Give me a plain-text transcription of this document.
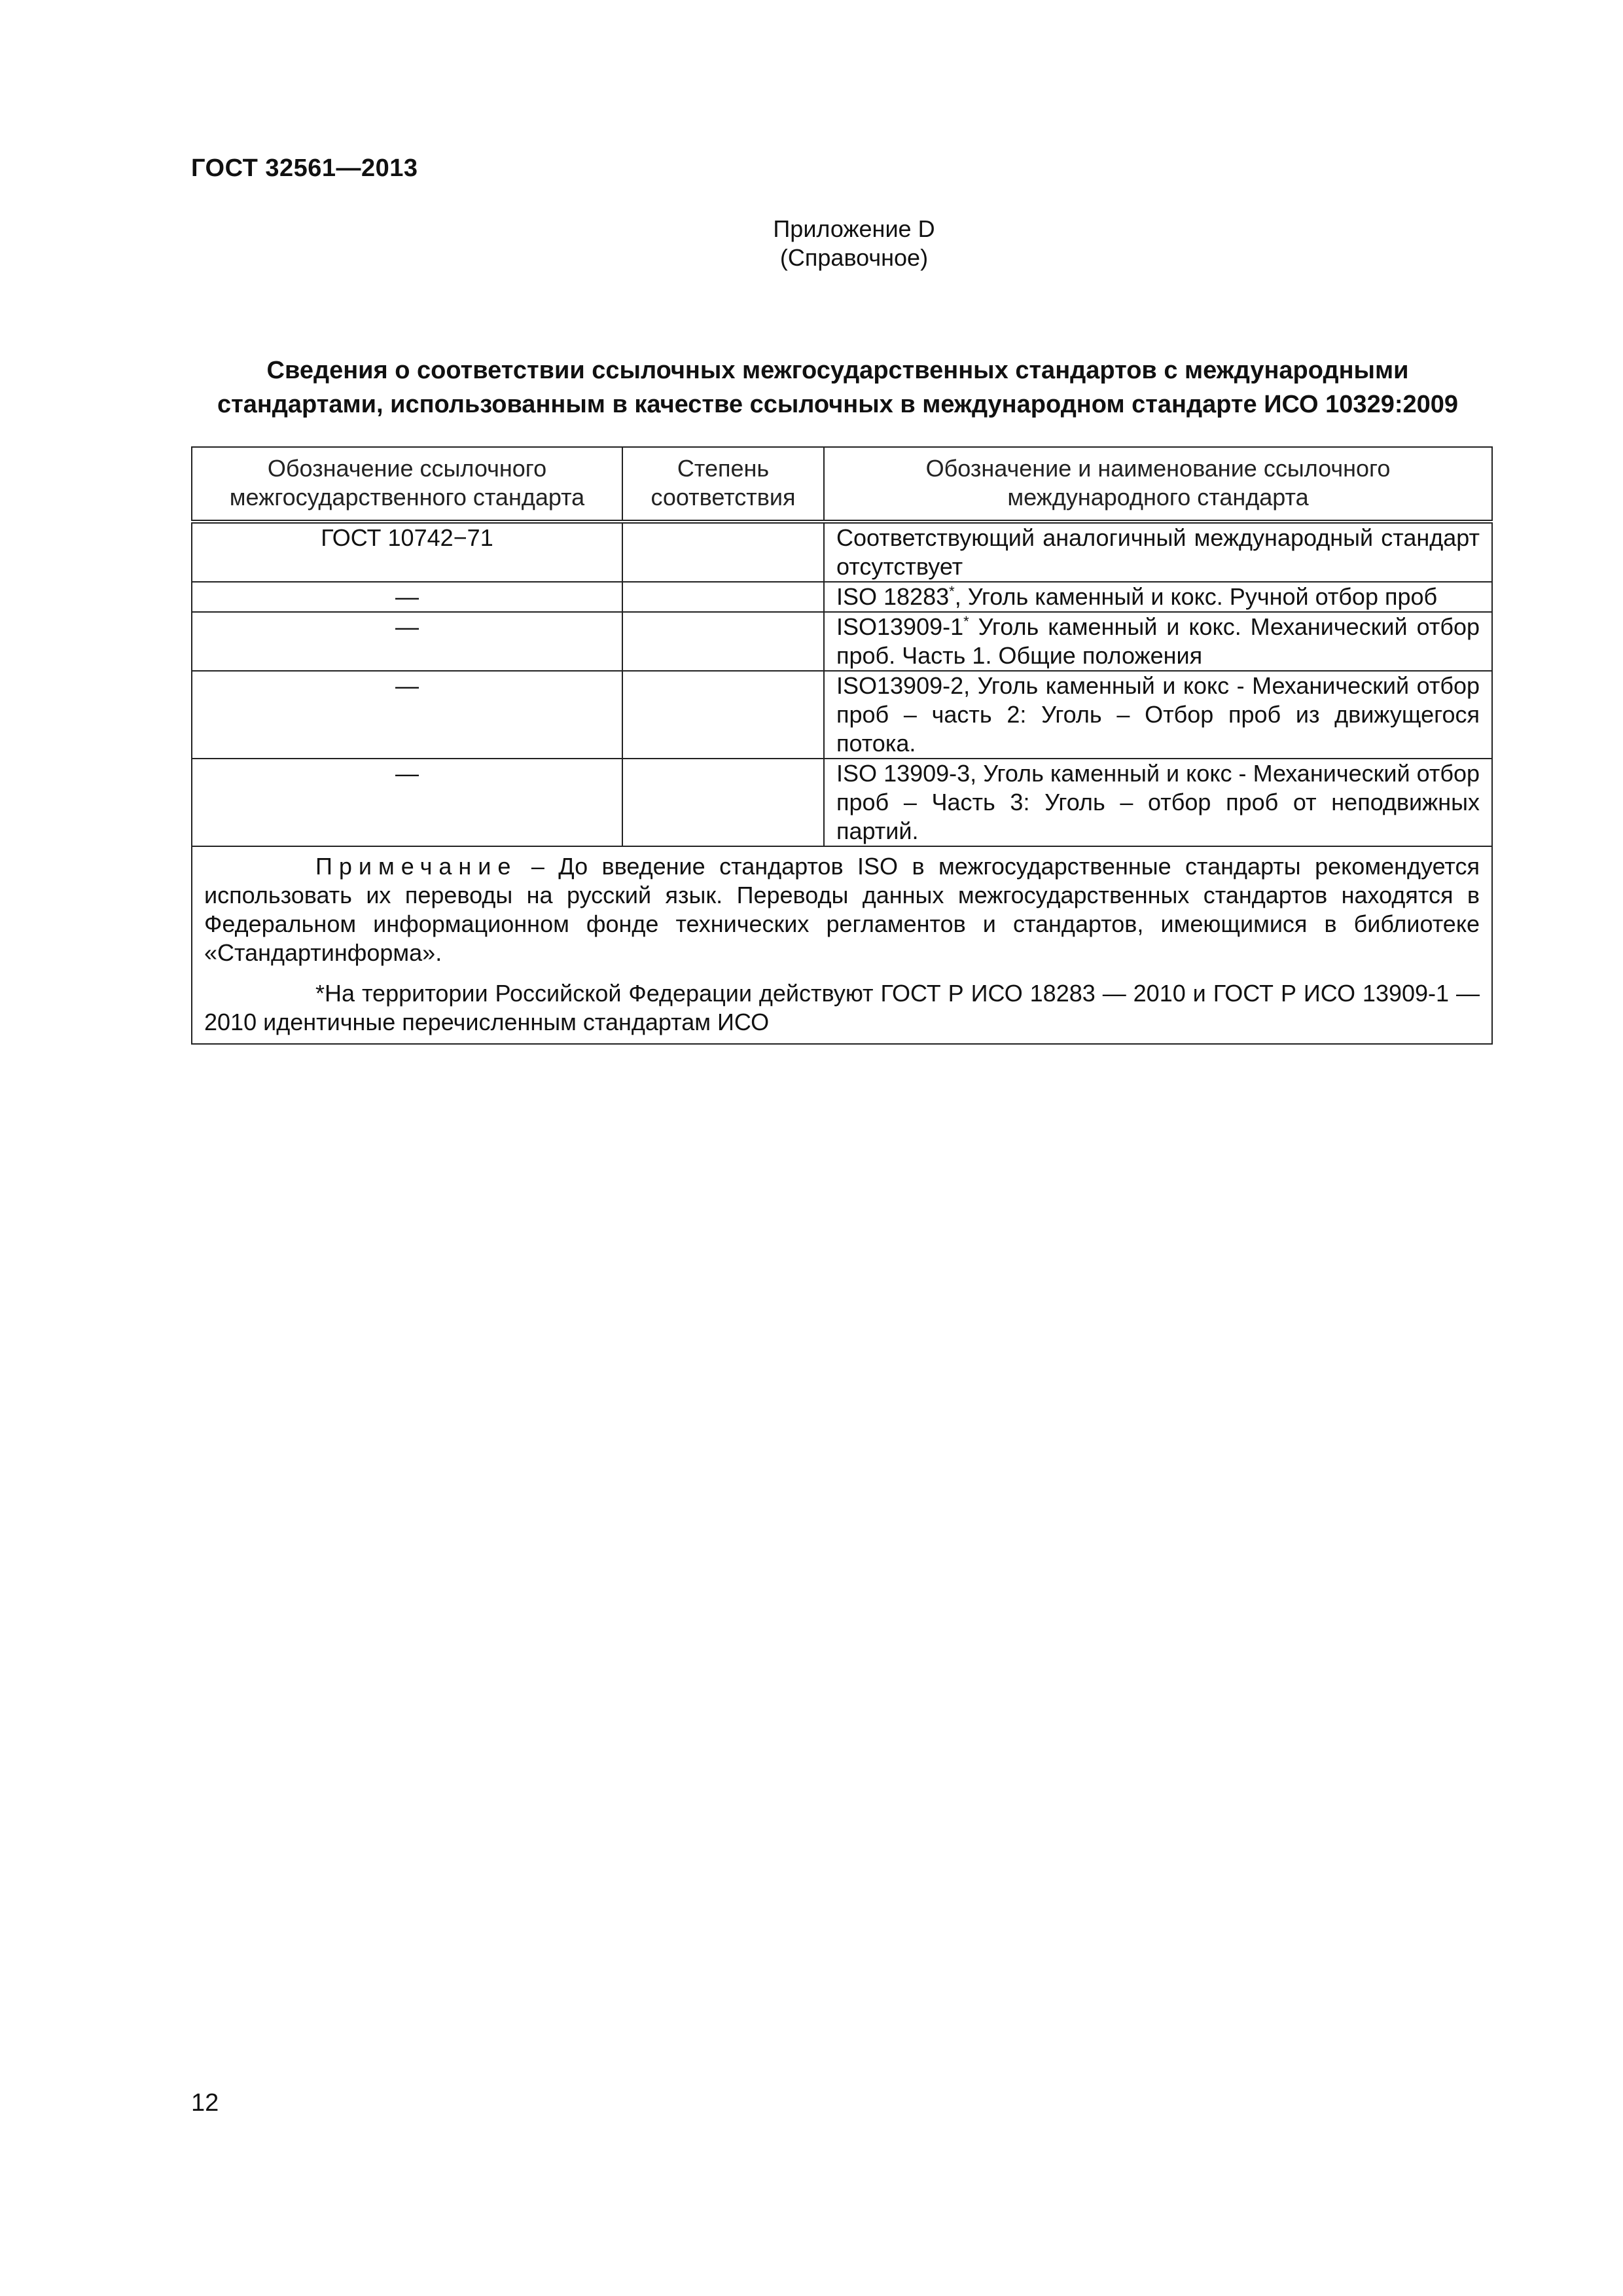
ГОСТ 32561—2013
Приложение D
(Справочное)
Сведения о соответствии ссылочных межгосударственных стандартов с международными стандартами, использованным в качестве ссылочных в международном стандарте ИСО 10329:2009
Обозначение ссылочного межгосударственного стандарта	Степень соответствия	Обозначение и наименование ссылочного международного стандарта
ГОСТ 10742−71		Соответствующий аналогичный международный стандарт отсутствует
—		ISO 18283*, Уголь каменный и кокс. Ручной отбор проб
—		ISO13909-1* Уголь каменный и кокс. Механический отбор проб. Часть 1. Общие положения
—		ISO13909-2, Уголь каменный и кокс - Механический отбор проб – часть 2: Уголь – Отбор проб из движущегося потока.
—		ISO 13909-3, Уголь каменный и кокс - Механический отбор проб – Часть 3: Уголь – отбор проб от неподвижных партий.

Примечание – До введение стандартов ISO в межгосударственные стандарты рекомендуется использовать их переводы на русский язык. Переводы данных межгосударственных стандартов находятся в Федеральном информационном фонде технических регламентов и стандартов, имеющимися в библиотеке «Стандартинформа».

*На территории Российской Федерации действуют ГОСТ Р ИСО 18283 — 2010 и ГОСТ Р ИСО 13909-1 — 2010 идентичные перечисленным стандартам ИСО		

12
